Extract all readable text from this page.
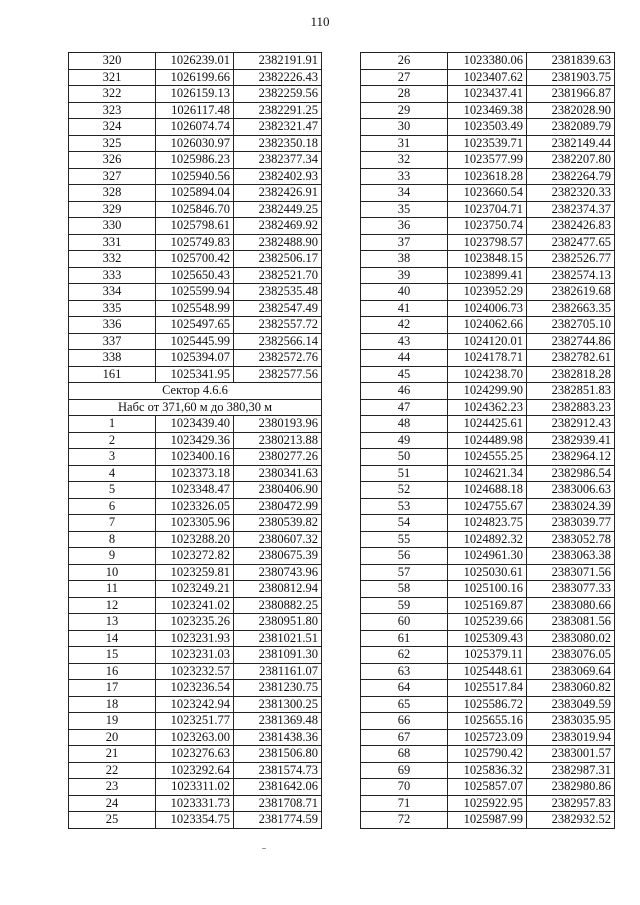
110
320	1026239.01	2382191.91
321	1026199.66	2382226.43
322	1026159.13	2382259.56
323	1026117.48	2382291.25
324	1026074.74	2382321.47
325	1026030.97	2382350.18
326	1025986.23	2382377.34
327	1025940.56	2382402.93
328	1025894.04	2382426.91
329	1025846.70	2382449.25
330	1025798.61	2382469.92
331	1025749.83	2382488.90
332	1025700.42	2382506.17
333	1025650.43	2382521.70
334	1025599.94	2382535.48
335	1025548.99	2382547.49
336	1025497.65	2382557.72
337	1025445.99	2382566.14
338	1025394.07	2382572.76
161	1025341.95	2382577.56
Сектор 4.6.6		
Набс от 371,60 м до 380,30 м		
1	1023439.40	2380193.96
2	1023429.36	2380213.88
3	1023400.16	2380277.26
4	1023373.18	2380341.63
5	1023348.47	2380406.90
6	1023326.05	2380472.99
7	1023305.96	2380539.82
8	1023288.20	2380607.32
9	1023272.82	2380675.39
10	1023259.81	2380743.96
11	1023249.21	2380812.94
12	1023241.02	2380882.25
13	1023235.26	2380951.80
14	1023231.93	2381021.51
15	1023231.03	2381091.30
16	1023232.57	2381161.07
17	1023236.54	2381230.75
18	1023242.94	2381300.25
19	1023251.77	2381369.48
20	1023263.00	2381438.36
21	1023276.63	2381506.80
22	1023292.64	2381574.73
23	1023311.02	2381642.06
24	1023331.73	2381708.71
25	1023354.75	2381774.59
26	1023380.06	2381839.63
27	1023407.62	2381903.75
28	1023437.41	2381966.87
29	1023469.38	2382028.90
30	1023503.49	2382089.79
31	1023539.71	2382149.44
32	1023577.99	2382207.80
33	1023618.28	2382264.79
34	1023660.54	2382320.33
35	1023704.71	2382374.37
36	1023750.74	2382426.83
37	1023798.57	2382477.65
38	1023848.15	2382526.77
39	1023899.41	2382574.13
40	1023952.29	2382619.68
41	1024006.73	2382663.35
42	1024062.66	2382705.10
43	1024120.01	2382744.86
44	1024178.71	2382782.61
45	1024238.70	2382818.28
46	1024299.90	2382851.83
47	1024362.23	2382883.23
48	1024425.61	2382912.43
49	1024489.98	2382939.41
50	1024555.25	2382964.12
51	1024621.34	2382986.54
52	1024688.18	2383006.63
53	1024755.67	2383024.39
54	1024823.75	2383039.77
55	1024892.32	2383052.78
56	1024961.30	2383063.38
57	1025030.61	2383071.56
58	1025100.16	2383077.33
59	1025169.87	2383080.66
60	1025239.66	2383081.56
61	1025309.43	2383080.02
62	1025379.11	2383076.05
63	1025448.61	2383069.64
64	1025517.84	2383060.82
65	1025586.72	2383049.59
66	1025655.16	2383035.95
67	1025723.09	2383019.94
68	1025790.42	2383001.57
69	1025836.32	2382987.31
70	1025857.07	2382980.86
71	1025922.95	2382957.83
72	1025987.99	2382932.52
